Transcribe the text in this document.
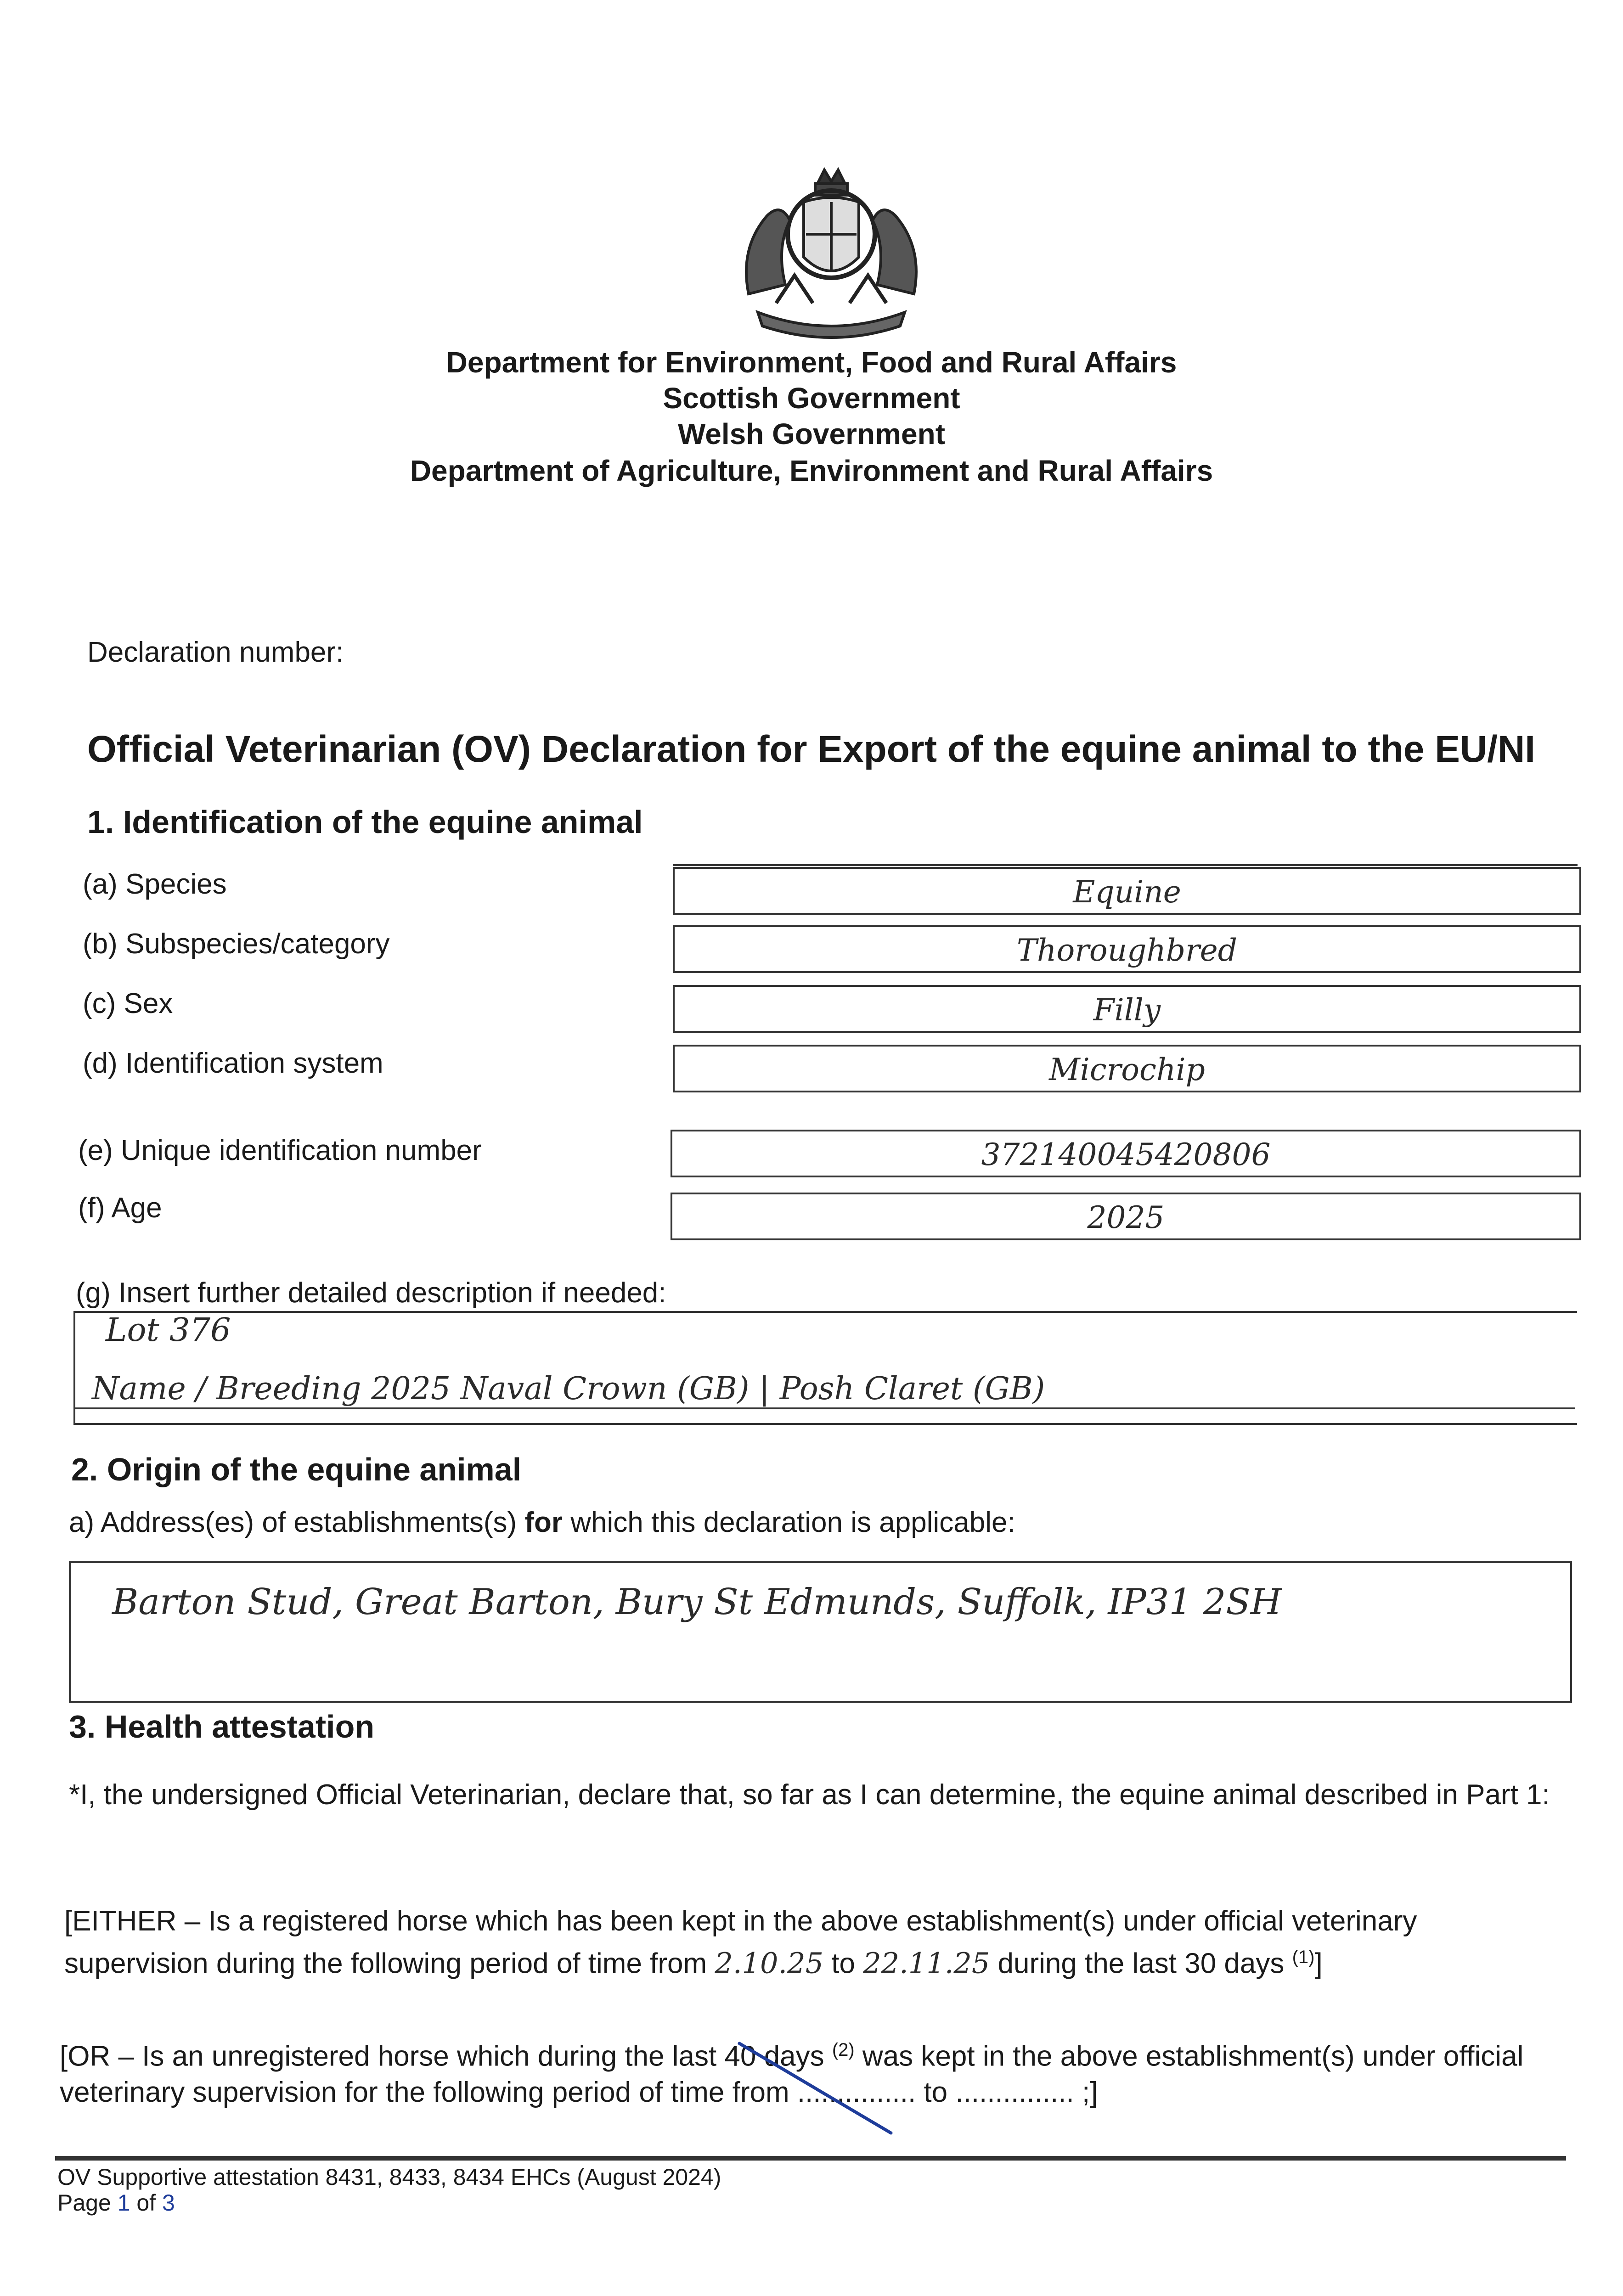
Department for Environment, Food and Rural Affairs
Scottish Government
Welsh Government
Department of Agriculture, Environment and Rural Affairs
Declaration number:
Official Veterinarian (OV) Declaration for Export of the equine animal to the EU/NI
1. Identification of the equine animal
(a) Species	Equine
(b) Subspecies/category	Thoroughbred
(c) Sex	Filly
(d) Identification system	Microchip
(e) Unique identification number	372140045420806
(f) Age	2025
(g) Insert further detailed description if needed:
Lot 376
Name / Breeding 2025 Naval Crown (GB) | Posh Claret (GB)
2. Origin of the equine animal
a) Address(es) of establishments(s) for which this declaration is applicable:
Barton Stud, Great Barton, Bury St Edmunds, Suffolk, IP31 2SH
3. Health attestation
*I, the undersigned Official Veterinarian, declare that, so far as I can determine, the equine animal described in Part 1:
[EITHER – Is a registered horse which has been kept in the above establishment(s) under official veterinary
supervision during the following period of time from 2.10.25 to 22.11.25 during the last 30 days $^{(1)}$]
[OR – Is an unregistered horse which during the last 40 days $^{(2)}$ was kept in the above establishment(s) under official
veterinary supervision for the following period of time from ............... to ............... ;]
OV Supportive attestation 8431, 8433, 8434 EHCs (August 2024)
Page 1 of 3
